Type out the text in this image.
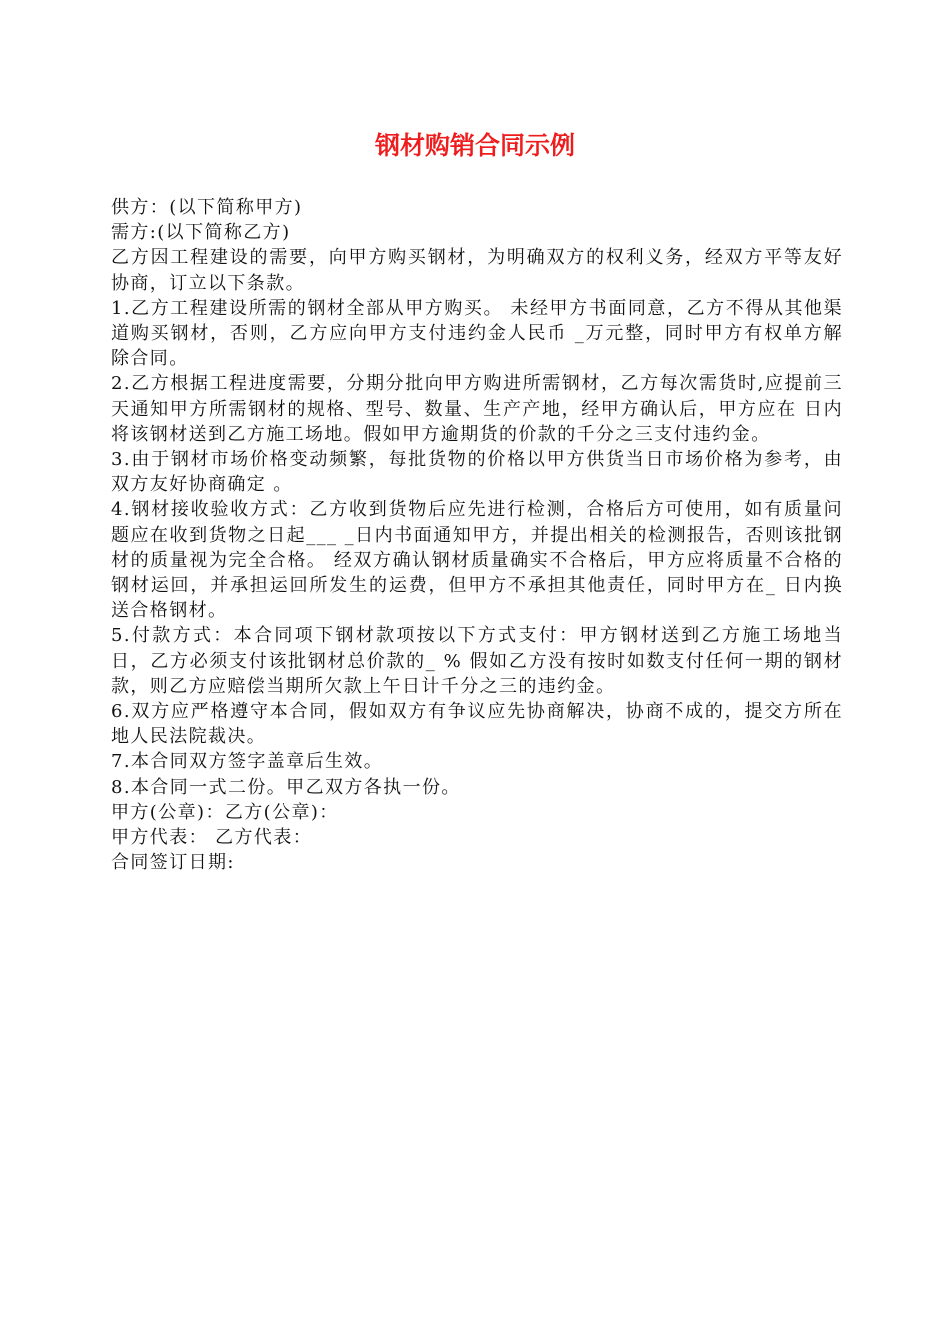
钢材购销合同示例

供方：(以下简称甲方)

需方:(以下简称乙方)

乙方因工程建设的需要，向甲方购买钢材，为明确双方的权利义务，经双方平等友好协商，订立以下条款。

1.乙方工程建设所需的钢材全部从甲方购买。 未经甲方书面同意，乙方不得从其他渠道购买钢材，否则，乙方应向甲方支付违约金人民币 _万元整，同时甲方有权单方解除合同。

2.乙方根据工程进度需要，分期分批向甲方购进所需钢材，乙方每次需货时,应提前三天通知甲方所需钢材的规格、型号、数量、生产产地，经甲方确认后，甲方应在 日内将该钢材送到乙方施工场地。假如甲方逾期货的价款的千分之三支付违约金。

3.由于钢材市场价格变动频繁，每批货物的价格以甲方供货当日市场价格为参考，由双方友好协商确定 。

4.钢材接收验收方式：乙方收到货物后应先进行检测，合格后方可使用，如有质量问题应在收到货物之日起___ _日内书面通知甲方，并提出相关的检测报告，否则该批钢材的质量视为完全合格。 经双方确认钢材质量确实不合格后，甲方应将质量不合格的钢材运回，并承担运回所发生的运费，但甲方不承担其他责任，同时甲方在_ 日内换送合格钢材。

5.付款方式：本合同项下钢材款项按以下方式支付：甲方钢材送到乙方施工场地当日，乙方必须支付该批钢材总价款的_ % 假如乙方没有按时如数支付任何一期的钢材款，则乙方应赔偿当期所欠款上午日计千分之三的违约金。

6.双方应严格遵守本合同，假如双方有争议应先协商解决，协商不成的，提交方所在地人民法院裁决。

7.本合同双方签字盖章后生效。

8.本合同一式二份。甲乙双方各执一份。

甲方(公章)：乙方(公章)：

甲方代表： 乙方代表：

合同签订日期:
